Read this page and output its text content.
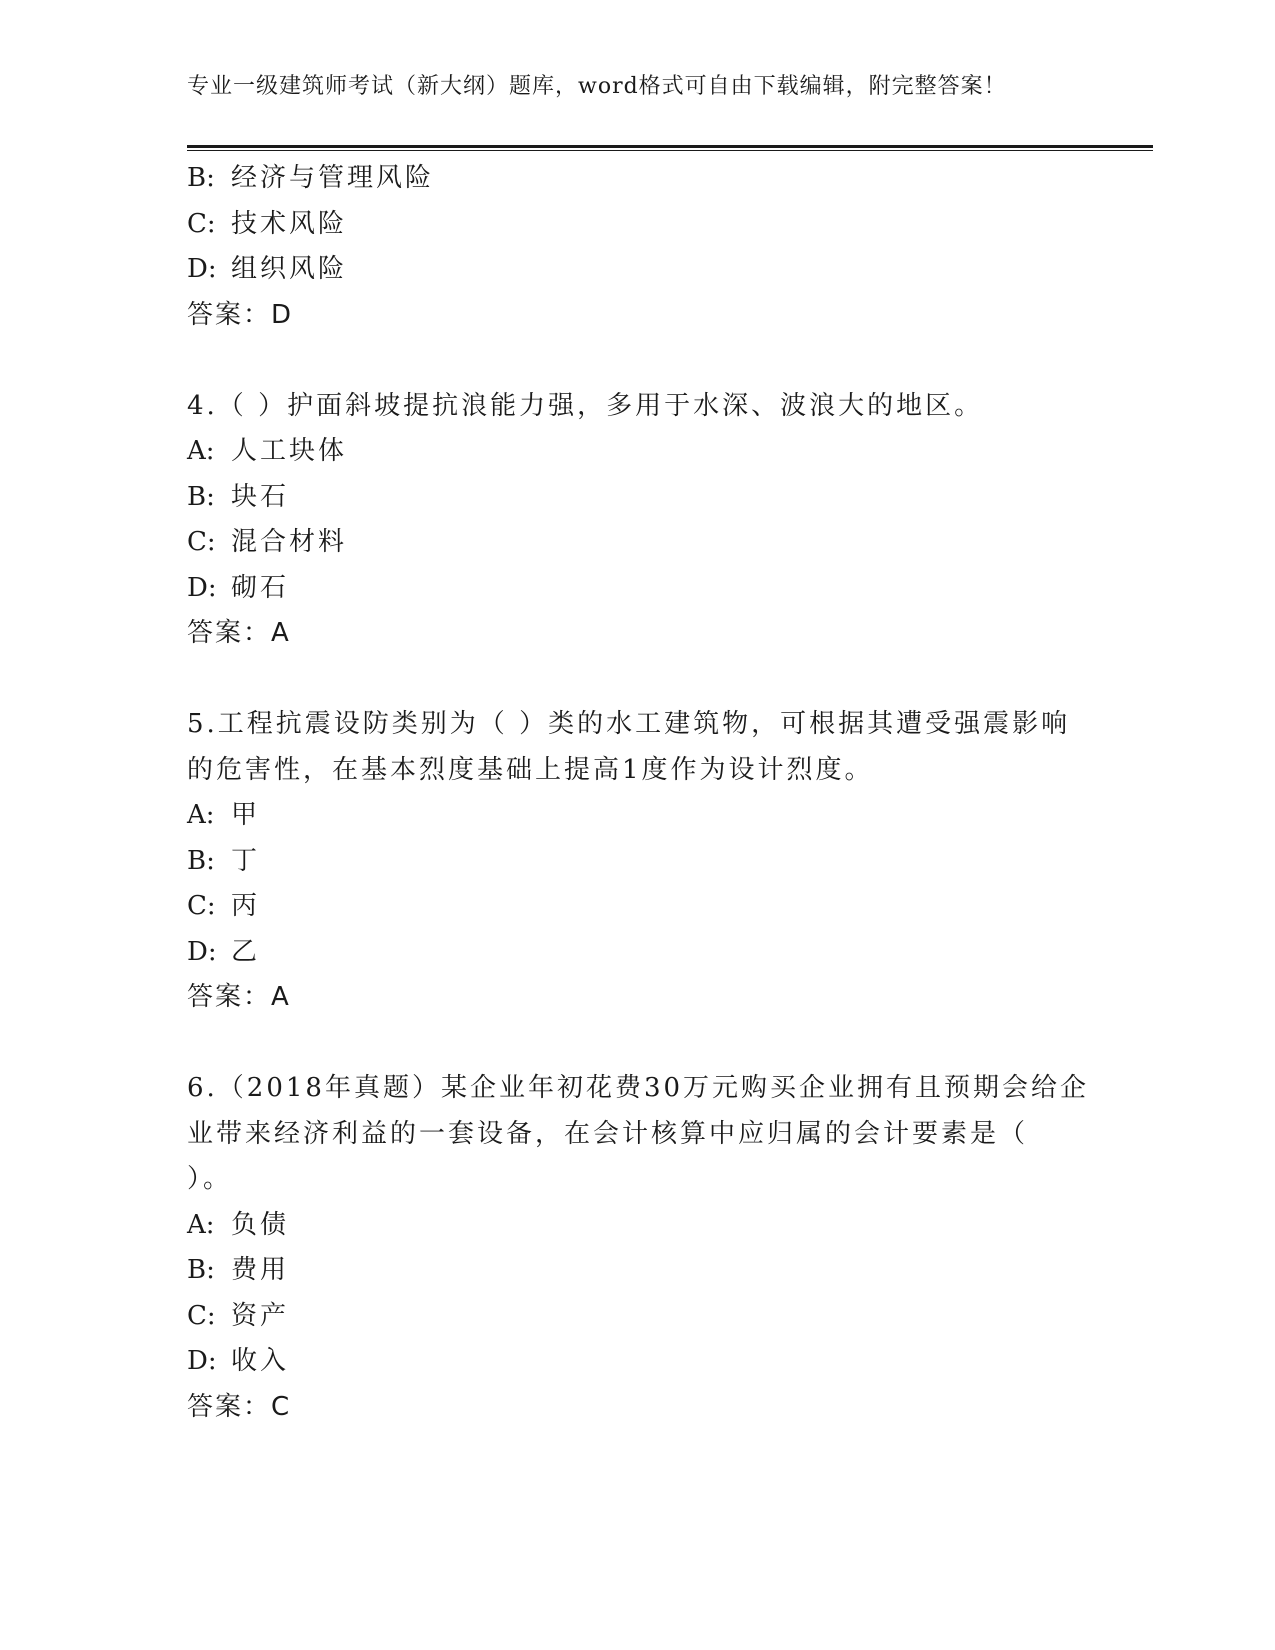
专业一级建筑师考试（新大纲）题库，word格式可自由下载编辑，附完整答案！
B: 经济与管理风险
C: 技术风险
D: 组织风险
答案：D
4.（ ）护面斜坡提抗浪能力强，多用于水深、波浪大的地区。
A: 人工块体
B: 块石
C: 混合材料
D: 砌石
答案：A
5.工程抗震设防类别为（ ）类的水工建筑物，可根据其遭受强震影响
的危害性，在基本烈度基础上提高1度作为设计烈度。
A: 甲
B: 丁
C: 丙
D: 乙
答案：A
6.（2018年真题）某企业年初花费30万元购买企业拥有且预期会给企
业带来经济利益的一套设备，在会计核算中应归属的会计要素是（
）。
A: 负债
B: 费用
C: 资产
D: 收入
答案：C
